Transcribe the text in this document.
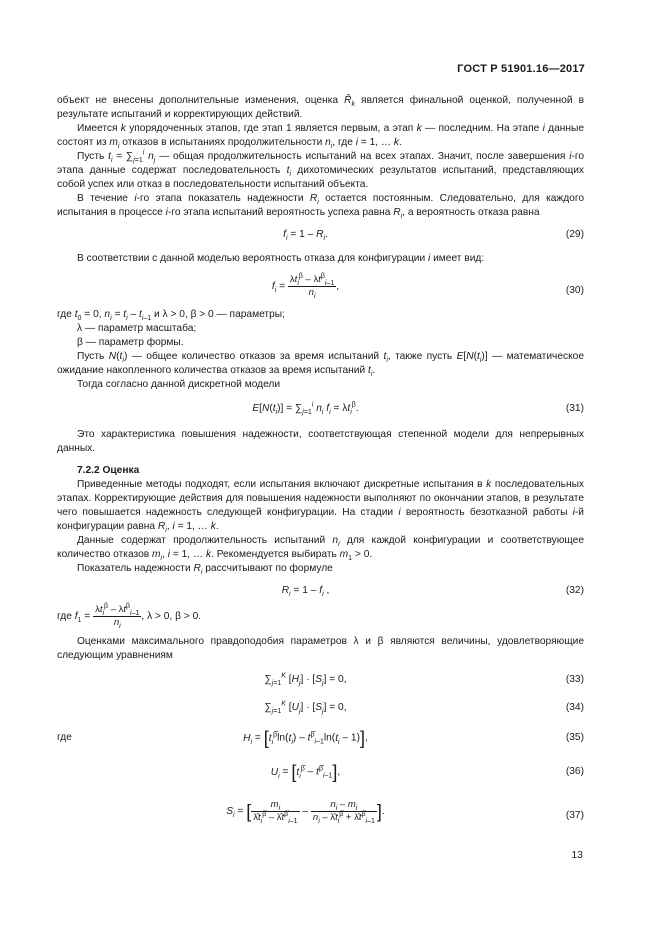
ГОСТ Р 51901.16—2017

объект не внесены дополнительные изменения, оценка $R̂_k$ является финальной оценкой, полученной в результате испытаний и корректирующих действий.

Имеется k упорядоченных этапов, где этап 1 является первым, а этап k — последним. На этапе i данные состоят из $m_i$ отказов в испытаниях продолжительности $n_i$, где i = 1, … k.

Пусть $t_i = \sum_{j=1}^i$ $n_j$ — общая продолжительность испытаний на всех этапах. Значит, после завершения i-го этапа данные содержат последовательность $t_i$ дихотомических результатов испытаний, представляющих собой успех или отказ в последовательности испытаний объекта.

В течение i-го этапа показатель надежности $R_i$ остается постоянным. Следовательно, для каждого испытания в процессе i-го этапа испытаний вероятность успеха равна $R_i$, а вероятность отказа равна

$f_i = 1 - R_i$.	(29)

В соответствии с данной моделью вероятность отказа для конфигурации i имеет вид:

$f_i = \frac{\lambda t_i^\beta - \lambda t^\beta_{i-1}}{n_i}$ ,	(30)

где $t_0 = 0$, $n_i = t_i - t_{i-1}$ и λ > 0, β > 0 — параметры;

λ — параметр масштаба;

β — параметр формы.

Пусть $N(t_i)$ — общее количество отказов за время испытаний $t_i$, также пусть $E[N(t_i)]$ — математическое ожидание накопленного количества отказов за время испытаний $t_i$.

Тогда согласно данной дискретной модели

$E[N(t_i)] = \sum_{j=1}^i$ $n_i$ $f_i = \lambda t_i^\beta$.	(31)

Это характеристика повышения надежности, соответствующая степенной модели для непрерывных данных.

7.2.2 Оценка

Приведенные методы подходят, если испытания включают дискретные испытания в k последовательных этапах. Корректирующие действия для повышения надежности выполняют по окончании этапов, в результате чего повышается надежность следующей конфигурации. На стадии i вероятность безотказной работы i-й конфигурации равна $R_i$, i = 1, … k.

Данные содержат продолжительность испытаний $n_i$ для каждой конфигурации и соответствующее количество отказов $m_i$, i = 1, … k. Рекомендуется выбирать $m_1 > 0$.

Показатель надежности $R_i$ рассчитывают по формуле

$R_i = 1 - f_i$ ,	(32)

где $f_1 = \frac{\lambda t_i^\beta - \lambda t^\beta_{i-1}}{n_i}$ , λ > 0, β > 0.

Оценками максимального правдоподобия параметров λ и β являются величины, удовлетворяющие следующим уравнениям

$\sum_{j=1}^K$ $[H_j] \cdot [S_j] = 0$,	(33)
$\sum_{j=1}^K$ $[U_j] \cdot [S_j] = 0$,	(34)
где	$H_i = [t_i^{\betâ}\ln(t_i) - t^{\betâ}_{i-1}\ln(t_i - 1)]$,	(35)
$U_i = [t_i^{\betâ} - t^{\betâ}_{i-1}]$,	(36)
$S_i$ = [ $\frac{m_i}{\lambdât_i^{\betâ} - \lambdât^{\betâ}_{i-1}} - \frac{n_i - m_i}{n_i - \lambdât_i^{\betâ} + \lambdât^{\betâ}_{i-1}}$ ].	(37)
13
